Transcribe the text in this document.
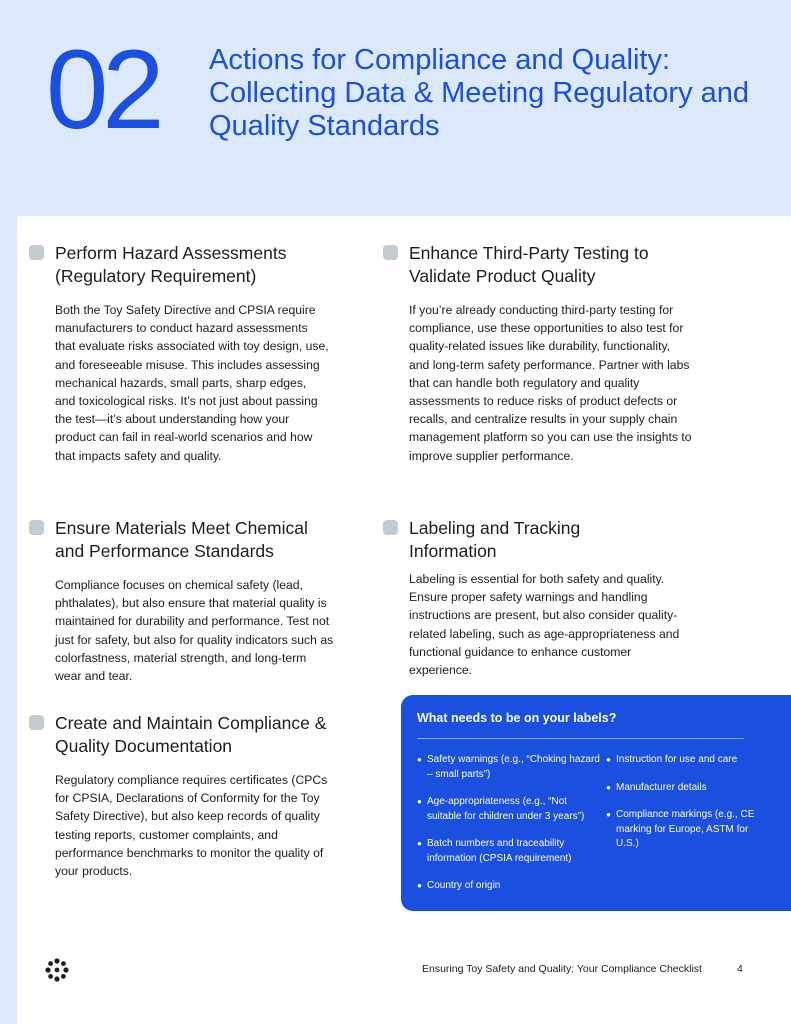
02 Actions for Compliance and Quality: Collecting Data & Meeting Regulatory and Quality Standards
Perform Hazard Assessments (Regulatory Requirement)
Both the Toy Safety Directive and CPSIA require manufacturers to conduct hazard assessments that evaluate risks associated with toy design, use, and foreseeable misuse. This includes assessing mechanical hazards, small parts, sharp edges, and toxicological risks. It’s not just about passing the test—it’s about understanding how your product can fail in real-world scenarios and how that impacts safety and quality.
Enhance Third-Party Testing to Validate Product Quality
If you’re already conducting third-party testing for compliance, use these opportunities to also test for quality-related issues like durability, functionality, and long-term safety performance. Partner with labs that can handle both regulatory and quality assessments to reduce risks of product defects or recalls, and centralize results in your supply chain management platform so you can use the insights to improve supplier performance.
Ensure Materials Meet Chemical and Performance Standards
Compliance focuses on chemical safety (lead, phthalates), but also ensure that material quality is maintained for durability and performance. Test not just for safety, but also for quality indicators such as colorfastness, material strength, and long-term wear and tear.
Labeling and Tracking Information
Labeling is essential for both safety and quality. Ensure proper safety warnings and handling instructions are present, but also consider quality-related labeling, such as age-appropriateness and functional guidance to enhance customer experience.
Create and Maintain Compliance & Quality Documentation
Regulatory compliance requires certificates (CPCs for CPSIA, Declarations of Conformity for the Toy Safety Directive), but also keep records of quality testing reports, customer complaints, and performance benchmarks to monitor the quality of your products.
What needs to be on your labels?
● Safety warnings (e.g., “Choking hazard – small parts”)
● Age-appropriateness (e.g., “Not suitable for children under 3 years”)
● Batch numbers and traceability information (CPSIA requirement)
● Country of origin
● Instruction for use and care
● Manufacturer details
● Compliance markings (e.g., CE marking for Europe, ASTM for U.S.)
Ensuring Toy Safety and Quality: Your Compliance Checklist	4
